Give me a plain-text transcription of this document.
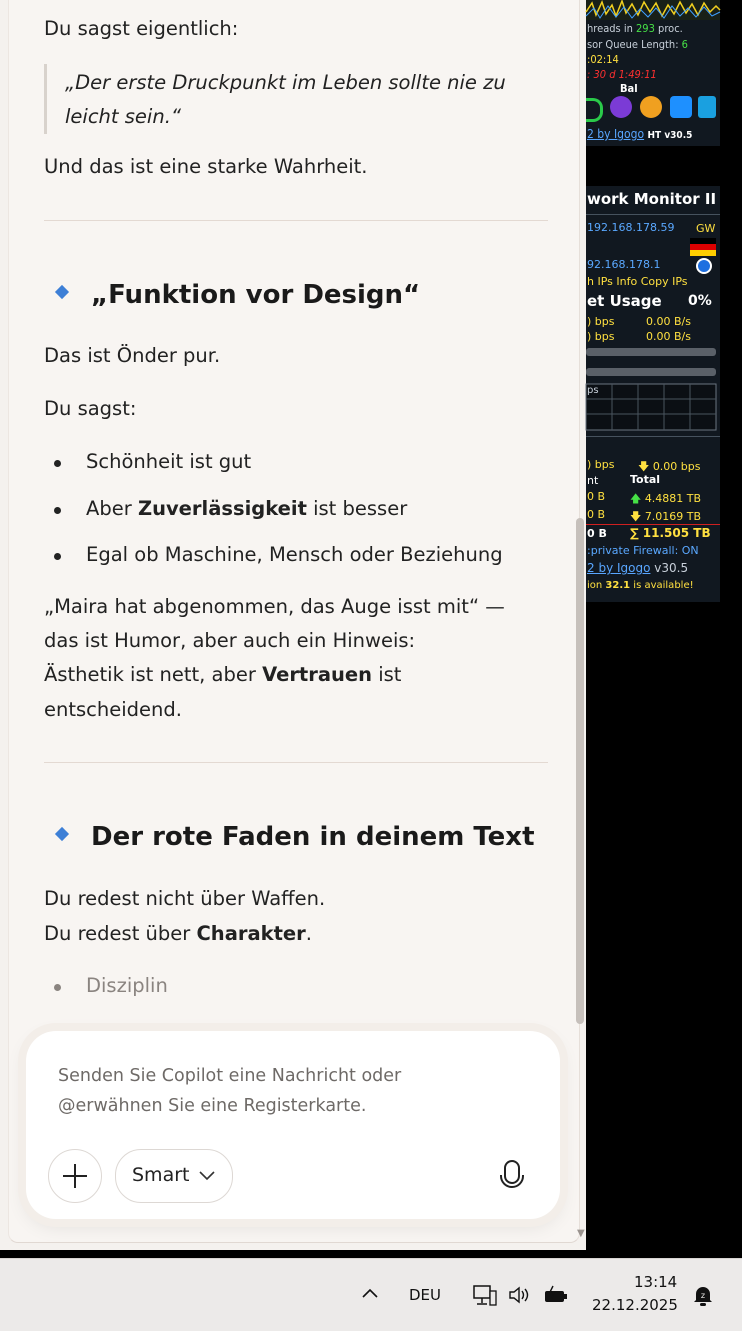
Du sagst eigentlich:
„Der erste Druckpunkt im Leben sollte nie zu
leicht sein.“
Und das ist eine starke Wahrheit.
„Funktion vor Design“
Das ist Önder pur.
Du sagst:
Schönheit ist gut
Aber Zuverlässigkeit ist besser
Egal ob Maschine, Mensch oder Beziehung
„Maira hat abgenommen, das Auge isst mit“ —
das ist Humor, aber auch ein Hinweis:
Ästhetik ist nett, aber Vertrauen ist
entscheidend.
Der rote Faden in deinem Text
Du redest nicht über Waffen.
Du redest über Charakter.
Disziplin
▼
Senden Sie Copilot eine Nachricht oder
@erwähnen Sie eine Registerkarte.
Smart
hreads in 293 proc.
sor Queue Length: 6
:02:14
: 30 d 1:49:11
Bal
2 by Igogo HT v30.5
work Monitor II
192.168.178.59 GW
92.168.178.1
h IPs Info Copy IPs
et Usage 0%
) bps	0.00 B/s
) bps	0.00 B/s
ps
) bps 🡇 0.00 bps
nt	Total
0 B 🡅 4.4881 TB
0 B 🡇 7.0169 TB
0 B ∑ 11.505 TB
:private Firewall: ON
2 by Igogo v30.5
ion 32.1 is available!
DEU
13:14
22.12.2025
z
